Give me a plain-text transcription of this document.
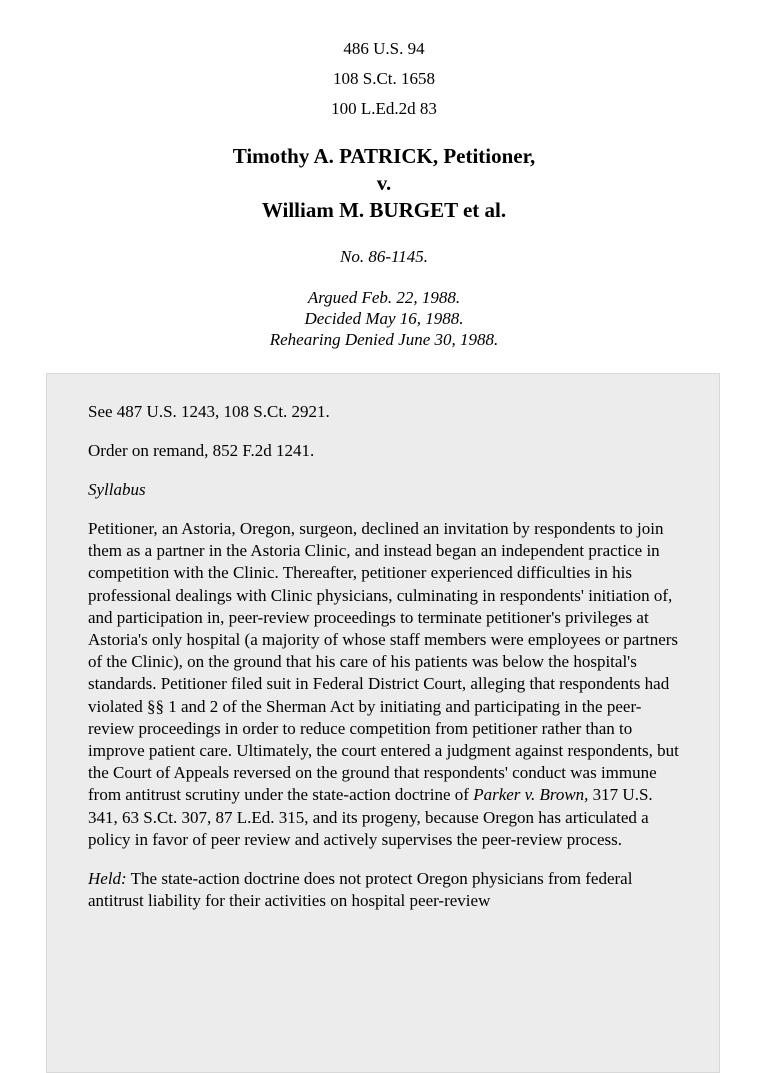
486 U.S. 94
108 S.Ct. 1658
100 L.Ed.2d 83
Timothy A. PATRICK, Petitioner,
v.
William M. BURGET et al.
No. 86-1145.
Argued Feb. 22, 1988.
Decided May 16, 1988.
Rehearing Denied June 30, 1988.

See 487 U.S. 1243, 108 S.Ct. 2921.

Order on remand, 852 F.2d 1241.

Syllabus

Petitioner, an Astoria, Oregon, surgeon, declined an invitation by respondents to join them as a partner in the Astoria Clinic, and instead began an independent practice in competition with the Clinic. Thereafter, petitioner experienced difficulties in his professional dealings with Clinic physicians, culminating in respondents' initiation of, and participation in, peer-review proceedings to terminate petitioner's privileges at Astoria's only hospital (a majority of whose staff members were employees or partners of the Clinic), on the ground that his care of his patients was below the hospital's standards. Petitioner filed suit in Federal District Court, alleging that respondents had violated §§ 1 and 2 of the Sherman Act by initiating and participating in the peer-review proceedings in order to reduce competition from petitioner rather than to improve patient care. Ultimately, the court entered a judgment against respondents, but the Court of Appeals reversed on the ground that respondents' conduct was immune from antitrust scrutiny under the state-action doctrine of Parker v. Brown, 317 U.S. 341, 63 S.Ct. 307, 87 L.Ed. 315, and its progeny, because Oregon has articulated a policy in favor of peer review and actively supervises the peer-review process.

Held: The state-action doctrine does not protect Oregon physicians from federal antitrust liability for their activities on hospital peer-review
